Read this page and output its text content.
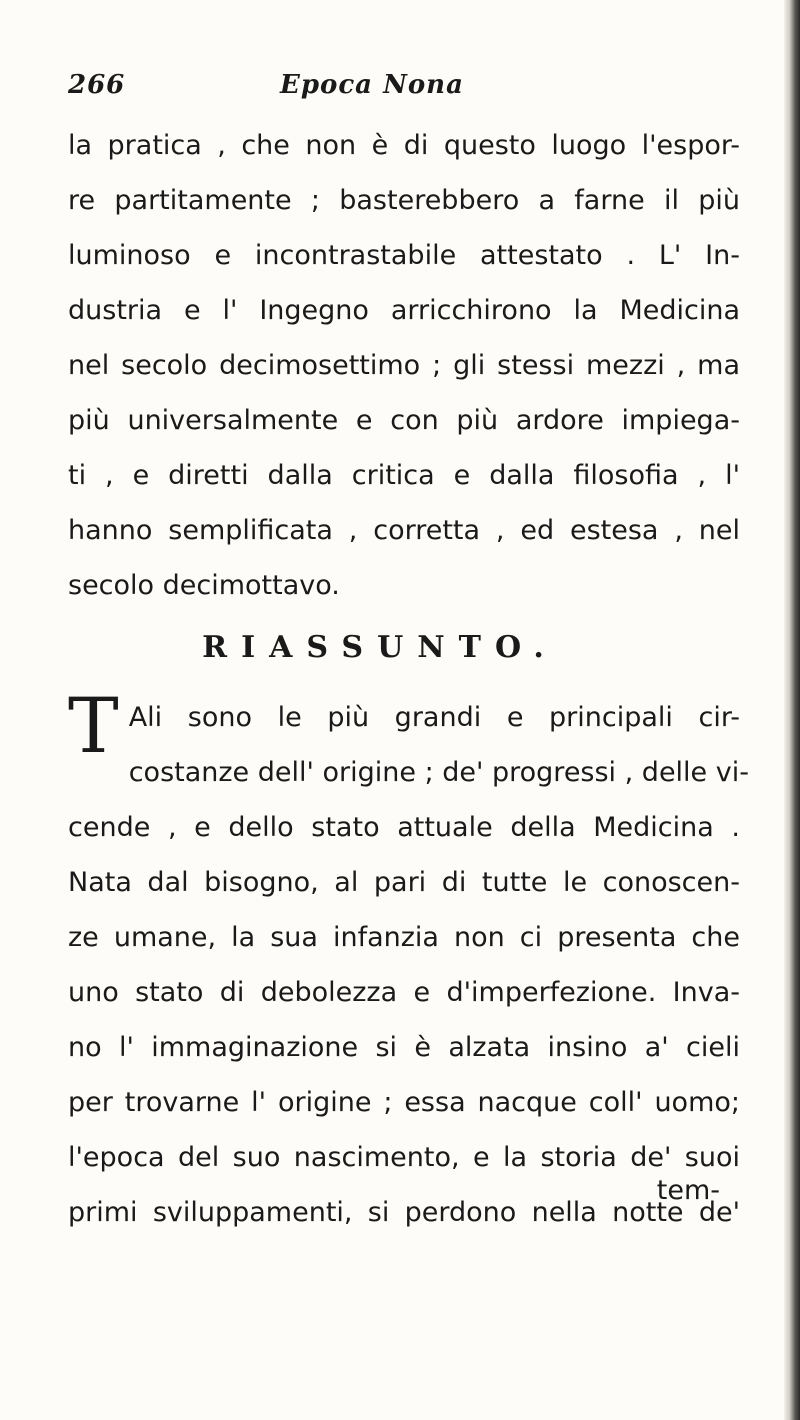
266	Epoca Nona
la pratica , che non è di questo luogo l'espor-
re partitamente ; basterebbero a farne il più
luminoso e incontrastabile attestato . L' In-
dustria e l' Ingegno arricchirono la Medicina
nel secolo decimosettimo ; gli stessi mezzi , ma
più universalmente e con più ardore impiega-
ti , e diretti dalla critica e dalla filosofia , l'
hanno semplificata , corretta , ed estesa , nel
secolo decimottavo.
RIASSUNTO.
T Ali sono le più grandi e principali cir-
costanze dell' origine ; de' progressi , delle vi-
cende , e dello stato attuale della Medicina .
Nata dal bisogno, al pari di tutte le conoscen-
ze umane, la sua infanzia non ci presenta che
uno stato di debolezza e d'imperfezione. Inva-
no l' immaginazione si è alzata insino a' cieli
per trovarne l' origine ; essa nacque coll' uomo;
l'epoca del suo nascimento, e la storia de' suoi
primi sviluppamenti, si perdono nella notte de'
tem-
